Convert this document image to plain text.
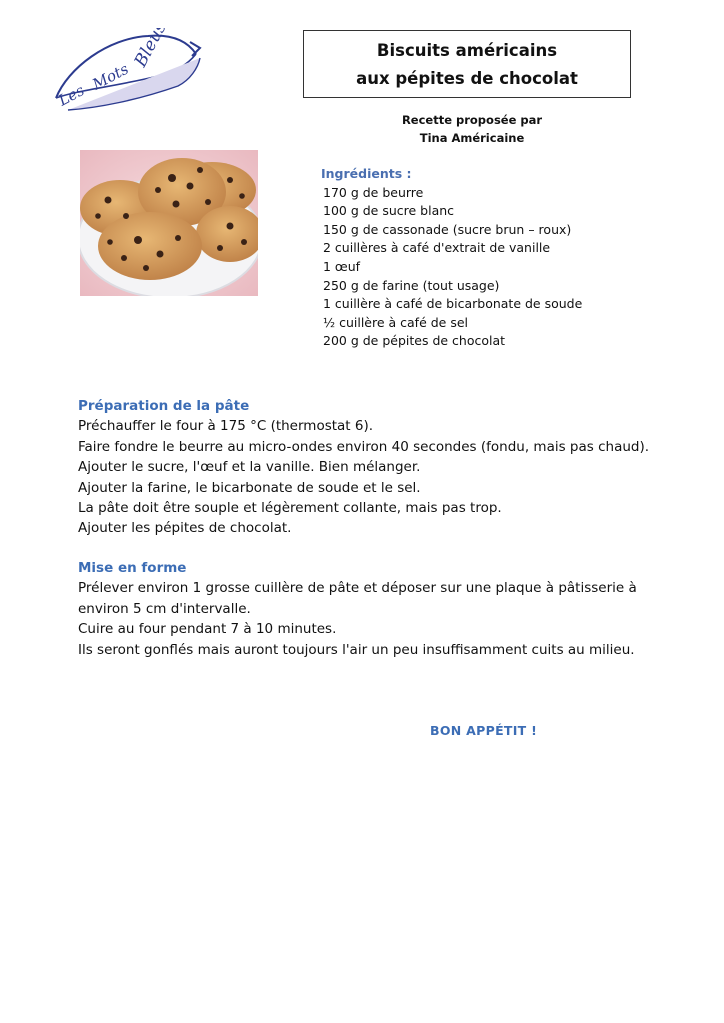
Les
Mots
Bleus	Biscuits américains
aux pépites de chocolat
Recette proposée par
Tina Américaine
Ingrédients :
170 g de beurre
100 g de sucre blanc
150 g de cassonade (sucre brun – roux)
2 cuillères à café d'extrait de vanille
1 œuf
250 g de farine (tout usage)
1 cuillère à café de bicarbonate de soude
½ cuillère à café de sel
200 g de pépites de chocolat
Préparation de la pâte
Préchauffer le four à 175 °C (thermostat 6).
Faire fondre le beurre au micro-ondes environ 40 secondes (fondu, mais pas chaud).
Ajouter le sucre, l'œuf et la vanille. Bien mélanger.
Ajouter la farine, le bicarbonate de soude et le sel.
La pâte doit être souple et légèrement collante, mais pas trop.
Ajouter les pépites de chocolat.
Mise en forme
Prélever environ 1 grosse cuillère de pâte et déposer sur une plaque à pâtisserie à environ 5 cm d'intervalle.
Cuire au four pendant 7 à 10 minutes.
Ils seront gonflés mais auront toujours l'air un peu insuffisamment cuits au milieu.
BON APPÉTIT !
